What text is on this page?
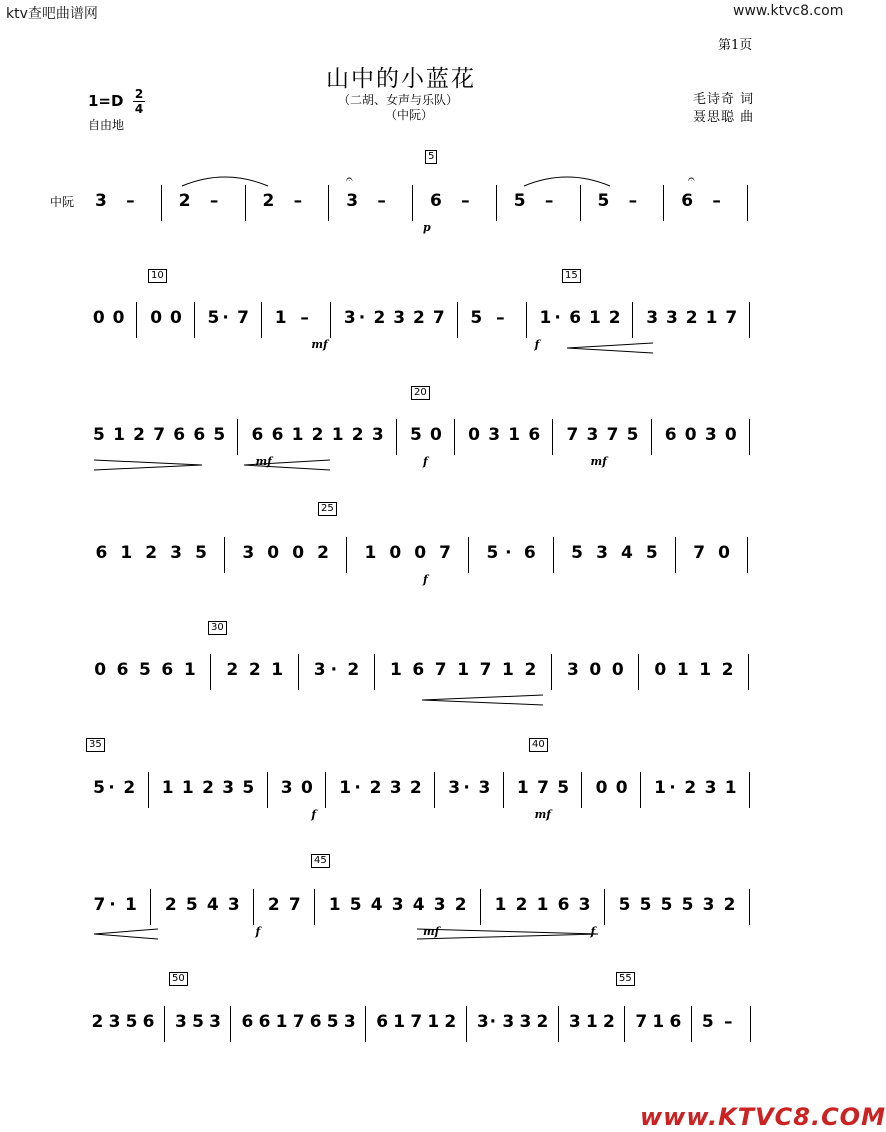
ktv查吧曲谱网	www.ktvc8.com
第1页
山中的小蓝花
（二胡、女声与乐队）
（中阮）
1=D 2
4
自由地
毛诗奇 词
聂思聪 曲
中阮
5
10	15
20
25
30
35	40
45
50	55
3 –	2 –	2 –	3 –	6 –	5 –	5 –	6 –
p
0 0 0 0 5 · 7 1 – 3 · 2 3 2 7 5 – 1 · 6 1 2 3 3 2 1 7
mf	f
5 1 2 7 6 6 5 6 6 1 2 1 2 3 5 0 0 3 1 6 7 3 7 5 6 0 3 0
mf	f	mf
6 1 2 3 5 3 0 0 2 1 0 0 7 5 · 6 5 3 4 5 7 0
f
0 6 5 6 1 2 2 1 3 · 2 1 6 7 1 7 1 2 3 0 0 0 1 1 2
5 · 2 1 1 2 3 5 3 0 1 · 2 3 2 3 · 3 1 7 5 0 0 1 · 2 3 1
f	mf
7 · 1 2 5 4 3 2 7 1 5 4 3 4 3 2 1 2 1 6 3 5 5 5 5 3 2
f	mf	f
2 3 5 6 3 5 3 6 6 1 7 6 5 3 6 1 7 1 2 3 · 3 3 2 3 1 2 7 1 6 5 –
𝄐	𝄐
www.KTVC8.COM
